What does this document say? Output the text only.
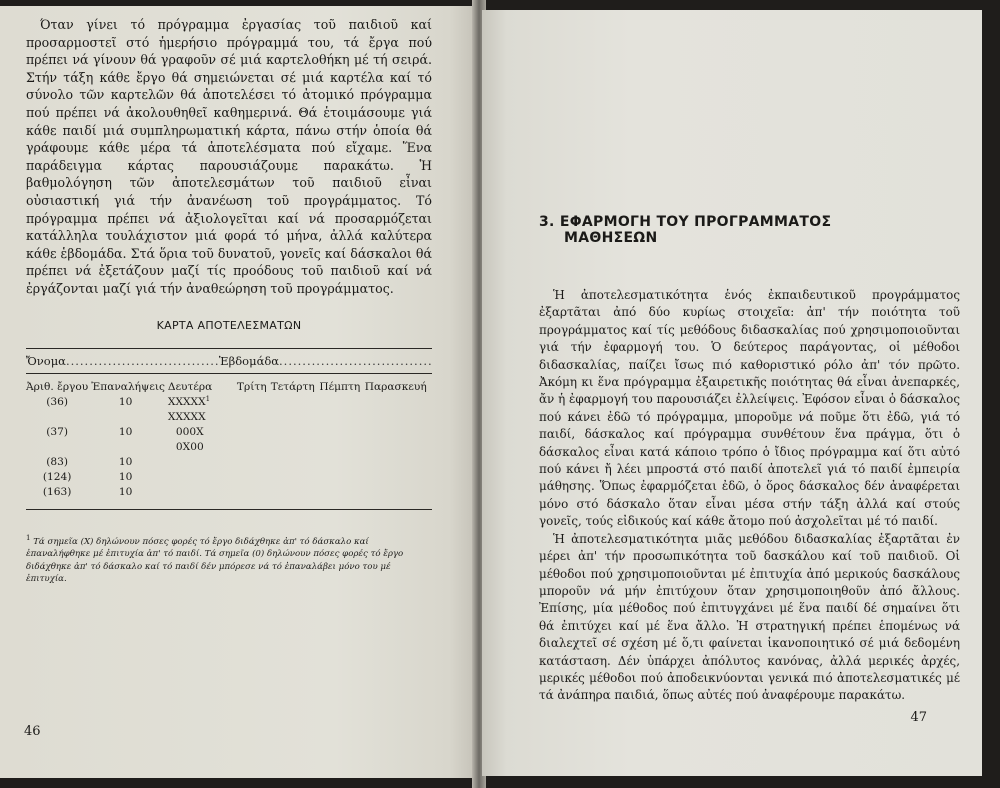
Όταν γίνει τό πρόγραμμα ἐργασίας τοῦ παιδιοῦ καί προσαρμοστεῖ στό ἡμερήσιο πρόγραμμά του, τά ἔργα πού πρέπει νά γίνουν θά γραφοῦν σέ μιά καρτελοθήκη μέ τή σειρά. Στήν τάξη κάθε ἔργο θά σημειώνεται σέ μιά καρτέλα καί τό σύνολο τῶν καρτελῶν θά ἀποτελέσει τό ἀτομικό πρόγραμμα πού πρέπει νά ἀκολουθηθεῖ καθημερινά. Θά ἑτοιμάσουμε γιά κάθε παιδί μιά συμπληρωματική κάρτα, πάνω στήν ὁποία θά γράφουμε κάθε μέρα τά ἀποτελέσματα πού εἴχαμε. Ἕνα παράδειγμα κάρτας παρουσιάζουμε παρακάτω. Ἡ βαθμολόγηση τῶν ἀποτελεσμάτων τοῦ παιδιοῦ εἶναι οὐσιαστική γιά τήν ἀνανέωση τοῦ προγράμματος. Τό πρόγραμμα πρέπει νά ἀξιολογεῖται καί νά προσαρμόζεται κατάλληλα τουλάχιστον μιά φορά τό μήνα, ἀλλά καλύτερα κάθε ἑβδομάδα. Στά ὅρια τοῦ δυνατοῦ, γονεῖς καί δάσκαλοι θά πρέπει νά ἐξετάζουν μαζί τίς προόδους τοῦ παιδιοῦ καί νά ἐργάζονται μαζί γιά τήν ἀναθεώρηση τοῦ προγράμματος.

ΚΑΡΤΑ ΑΠΟΤΕΛΕΣΜΑΤΩΝ
Ὄνομα .....	Ἑβδομάδα
.....
Ἀριθ. ἔργου	Ἐπαναλήψεις	Δευτέρα	Τρίτη	Τετάρτη	Πέμπτη	Παρασκευή
(36)	10	XXXXX$^1$				
		XXXXX				
(37)	10	000X				
		0X00				
(83)	10					
(124)	10					
(163)	10					

$^1$ Τά σημεῖα (X) δηλώνουν πόσες φορές τό ἔργο διδάχθηκε ἀπ' τό δάσκαλο καί ἐπαναλήφθηκε μέ ἐπιτυχία ἀπ' τό παιδί. Τά σημεῖα (0) δηλώνουν πόσες φορές τό ἔργο διδάχθηκε ἀπ' τό δάσκαλο καί τό παιδί δέν μπόρεσε νά τό ἐπαναλάβει μόνο του μέ ἐπιτυχία.

46
3. ΕΦΑΡΜΟΓΗ ΤΟΥ ΠΡΟΓΡΑΜΜΑΤΟΣ
ΜΑΘΗΣΕΩΝ

Ἡ ἀποτελεσματικότητα ἑνός ἐκπαιδευτικοῦ προγράμματος ἐξαρτᾶται ἀπό δύο κυρίως στοιχεῖα: ἀπ' τήν ποιότητα τοῦ προγράμματος καί τίς μεθόδους διδασκαλίας πού χρησιμοποιοῦνται γιά τήν ἐφαρμογή του. Ὁ δεύτερος παράγοντας, οἱ μέθοδοι διδασκαλίας, παίζει ἴσως πιό καθοριστικό ρόλο ἀπ' τόν πρῶτο. Ἀκόμη κι ἕνα πρόγραμμα ἐξαιρετικῆς ποιότητας θά εἶναι ἀνεπαρκές, ἄν ἡ ἐφαρμογή του παρουσιάζει ἐλλείψεις. Ἐφόσον εἶναι ὁ δάσκαλος πού κάνει ἐδῶ τό πρόγραμμα, μποροῦμε νά ποῦμε ὅτι ἐδῶ, γιά τό παιδί, δάσκαλος καί πρόγραμμα συνθέτουν ἕνα πράγμα, ὅτι ὁ δάσκαλος εἶναι κατά κάποιο τρόπο ὁ ἴδιος πρόγραμμα καί ὅτι αὐτό πού κάνει ἤ λέει μπροστά στό παιδί ἀποτελεῖ γιά τό παιδί ἐμπειρία μάθησης. Ὅπως ἐφαρμόζεται ἐδῶ, ὁ ὅρος δάσκαλος δέν ἀναφέρεται μόνο στό δάσκαλο ὅταν εἶναι μέσα στήν τάξη ἀλλά καί στούς γονεῖς, τούς εἰδικούς καί κάθε ἄτομο πού ἀσχολεῖται μέ τό παιδί.

Ἡ ἀποτελεσματικότητα μιᾶς μεθόδου διδασκαλίας ἐξαρτᾶται ἐν μέρει ἀπ' τήν προσωπικότητα τοῦ δασκάλου καί τοῦ παιδιοῦ. Οἱ μέθοδοι πού χρησιμοποιοῦνται μέ ἐπιτυχία ἀπό μερικούς δασκάλους μποροῦν νά μήν ἐπιτύχουν ὅταν χρησιμοποιηθοῦν ἀπό ἄλλους. Ἐπίσης, μία μέθοδος πού ἐπιτυγχάνει μέ ἕνα παιδί δέ σημαίνει ὅτι θά ἐπιτύχει καί μέ ἕνα ἄλλο. Ἡ στρατηγική πρέπει ἑπομένως νά διαλεχτεῖ σέ σχέση μέ ὅ,τι φαίνεται ἱκανοποιητικό σέ μιά δεδομένη κατάσταση. Δέν ὑπάρχει ἀπόλυτος κανόνας, ἀλλά μερικές ἀρχές, μερικές μέθοδοι πού ἀποδεικνύονται γενικά πιό ἀποτελεσματικές μέ τά ἀνάπηρα παιδιά, ὅπως αὐτές πού ἀναφέρουμε παρακάτω.

47
